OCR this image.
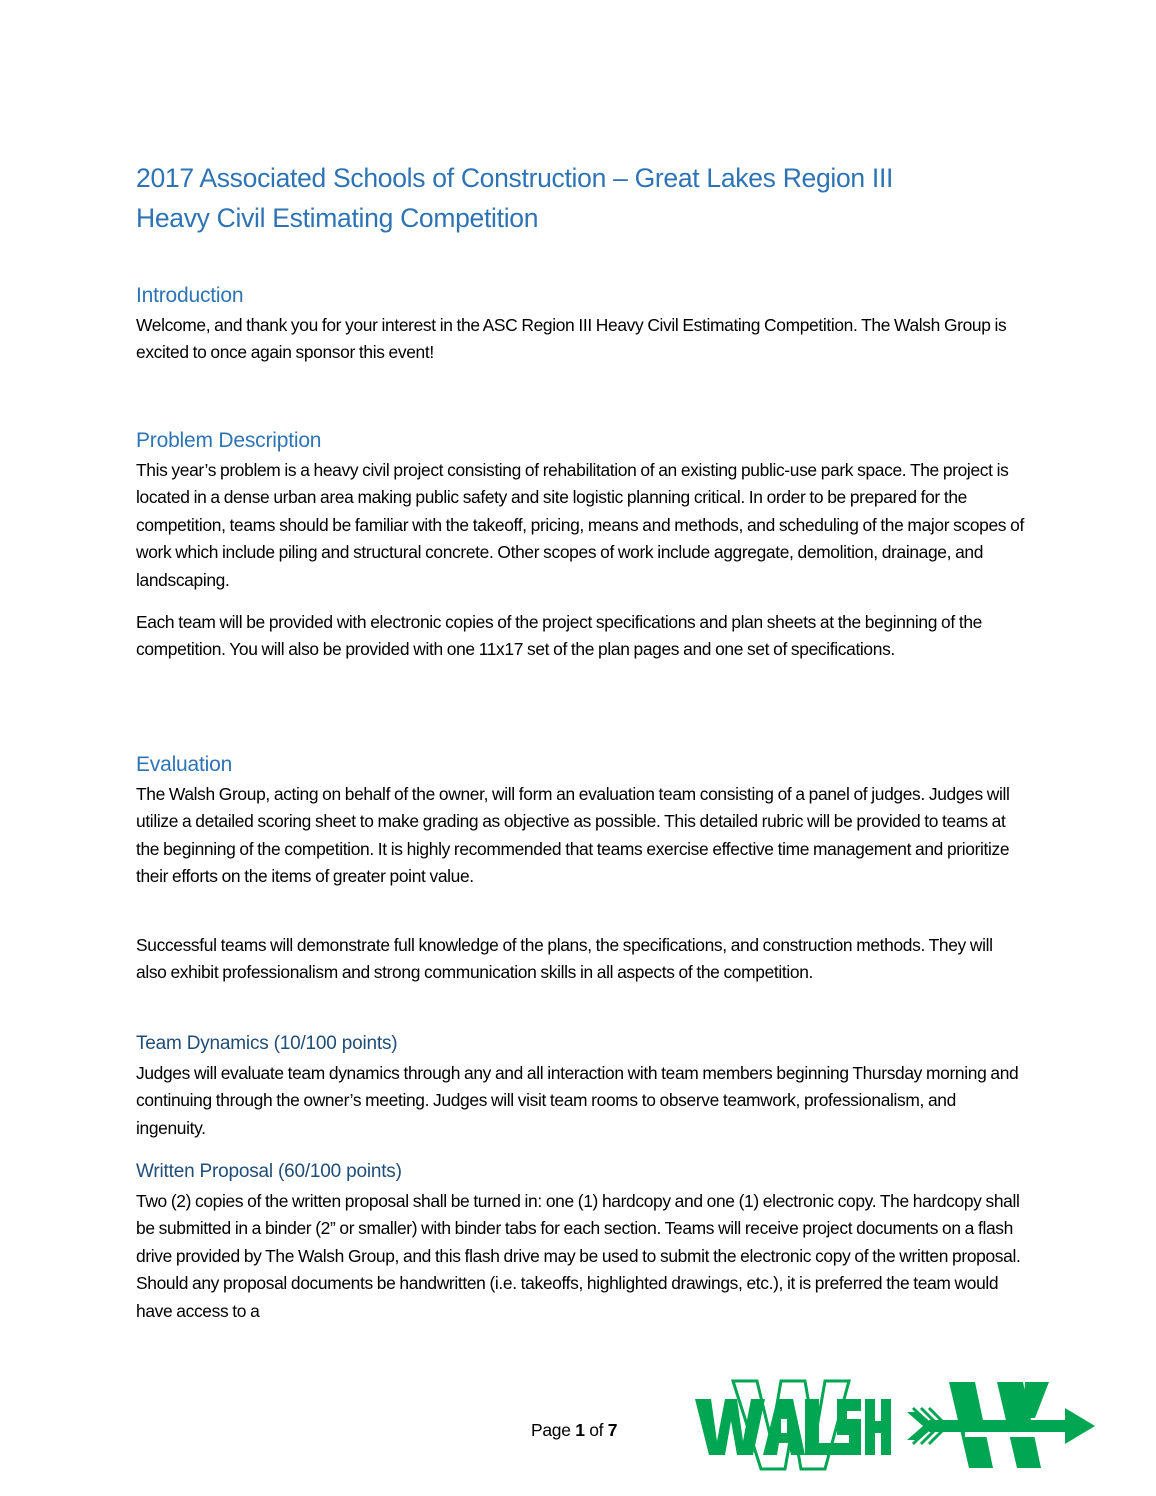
2017 Associated Schools of Construction – Great Lakes Region III
Heavy Civil Estimating Competition
Introduction

Welcome, and thank you for your interest in the ASC Region III Heavy Civil Estimating Competition. The Walsh Group is excited to once again sponsor this event!

Problem Description

This year’s problem is a heavy civil project consisting of rehabilitation of an existing public-use park space. The project is located in a dense urban area making public safety and site logistic planning critical. In order to be prepared for the competition, teams should be familiar with the takeoff, pricing, means and methods, and scheduling of the major scopes of work which include piling and structural concrete. Other scopes of work include aggregate, demolition, drainage, and landscaping.

Each team will be provided with electronic copies of the project specifications and plan sheets at the beginning of the competition. You will also be provided with one 11x17 set of the plan pages and one set of specifications.

Evaluation

The Walsh Group, acting on behalf of the owner, will form an evaluation team consisting of a panel of judges. Judges will utilize a detailed scoring sheet to make grading as objective as possible. This detailed rubric will be provided to teams at the beginning of the competition. It is highly recommended that teams exercise effective time management and prioritize their efforts on the items of greater point value.

Successful teams will demonstrate full knowledge of the plans, the specifications, and construction methods. They will also exhibit professionalism and strong communication skills in all aspects of the competition.

Team Dynamics (10/100 points)

Judges will evaluate team dynamics through any and all interaction with team members beginning Thursday morning and continuing through the owner’s meeting. Judges will visit team rooms to observe teamwork, professionalism, and ingenuity.

Written Proposal (60/100 points)

Two (2) copies of the written proposal shall be turned in: one (1) hardcopy and one (1) electronic copy. The hardcopy shall be submitted in a binder (2” or smaller) with binder tabs for each section. Teams will receive project documents on a flash drive provided by The Walsh Group, and this flash drive may be used to submit the electronic copy of the written proposal. Should any proposal documents be handwritten (i.e. takeoffs, highlighted drawings, etc.), it is preferred the team would have access to a

Page 1 of 7
